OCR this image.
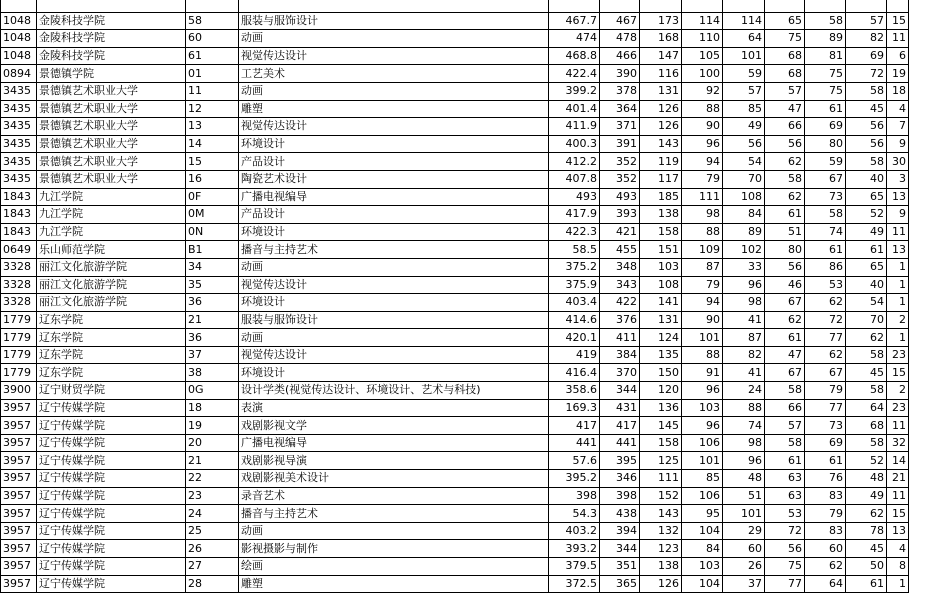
1048	金陵科技学院	58	服装与服饰设计	467.7	467	173	114	114	65	58	57	15
1048	金陵科技学院	60	动画	474	478	168	110	64	75	89	82	11
1048	金陵科技学院	61	视觉传达设计	468.8	466	147	105	101	68	81	69	6
0894	景德镇学院	01	工艺美术	422.4	390	116	100	59	68	75	72	19
3435	景德镇艺术职业大学	11	动画	399.2	378	131	92	57	57	75	58	18
3435	景德镇艺术职业大学	12	雕塑	401.4	364	126	88	85	47	61	45	4
3435	景德镇艺术职业大学	13	视觉传达设计	411.9	371	126	90	49	66	69	56	7
3435	景德镇艺术职业大学	14	环境设计	400.3	391	143	96	56	56	80	56	9
3435	景德镇艺术职业大学	15	产品设计	412.2	352	119	94	54	62	59	58	30
3435	景德镇艺术职业大学	16	陶瓷艺术设计	407.8	352	117	79	70	58	67	40	3
1843	九江学院	0F	广播电视编导	493	493	185	111	108	62	73	65	13
1843	九江学院	0M	产品设计	417.9	393	138	98	84	61	58	52	9
1843	九江学院	0N	环境设计	422.3	421	158	88	89	51	74	49	11
0649	乐山师范学院	B1	播音与主持艺术	58.5	455	151	109	102	80	61	61	13
3328	丽江文化旅游学院	34	动画	375.2	348	103	87	33	56	86	65	1
3328	丽江文化旅游学院	35	视觉传达设计	375.9	343	108	79	96	46	53	40	1
3328	丽江文化旅游学院	36	环境设计	403.4	422	141	94	98	67	62	54	1
1779	辽东学院	21	服装与服饰设计	414.6	376	131	90	41	62	72	70	2
1779	辽东学院	36	动画	420.1	411	124	101	87	61	77	62	1
1779	辽东学院	37	视觉传达设计	419	384	135	88	82	47	62	58	23
1779	辽东学院	38	环境设计	416.4	370	150	91	41	67	67	45	15
3900	辽宁财贸学院	0G	设计学类(视觉传达设计、环境设计、艺术与科技)	358.6	344	120	96	24	58	79	58	2
3957	辽宁传媒学院	18	表演	169.3	431	136	103	88	66	77	64	23
3957	辽宁传媒学院	19	戏剧影视文学	417	417	145	96	74	57	73	68	11
3957	辽宁传媒学院	20	广播电视编导	441	441	158	106	98	58	69	58	32
3957	辽宁传媒学院	21	戏剧影视导演	57.6	395	125	101	96	61	61	52	14
3957	辽宁传媒学院	22	戏剧影视美术设计	395.2	346	111	85	48	63	76	48	21
3957	辽宁传媒学院	23	录音艺术	398	398	152	106	51	63	83	49	11
3957	辽宁传媒学院	24	播音与主持艺术	54.3	438	143	95	101	53	79	62	15
3957	辽宁传媒学院	25	动画	403.2	394	132	104	29	72	83	78	13
3957	辽宁传媒学院	26	影视摄影与制作	393.2	344	123	84	60	56	60	45	4
3957	辽宁传媒学院	27	绘画	379.5	351	138	103	26	75	62	50	8
3957	辽宁传媒学院	28	雕塑	372.5	365	126	104	37	77	64	61	1
